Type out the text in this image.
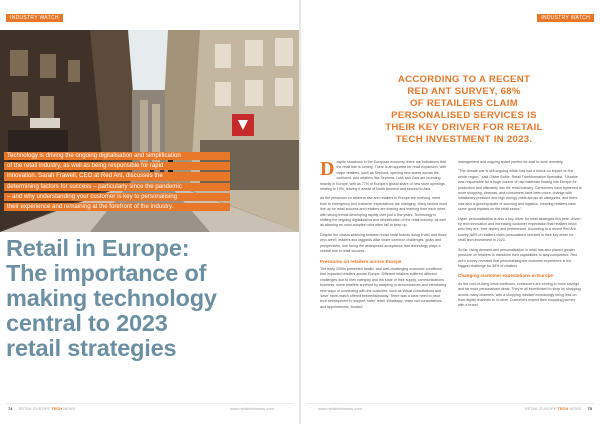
INDUSTRY WATCH
Technology is driving the ongoing digitalisation and simplification
of the retail industry, as well as being responsible for rapid
innovation. Sarah Frawell, CEO at Red Ant, discusses the
determining factors for success – particularly since the pandemic
– and why understanding your customer is key to personalising
their experience and remaining at the forefront of the industry.
Retail in Europe:
The importance of
making technology
central to 2023
retail strategies
74 RETAIL EUROPE TECH NEWS	www.retailtechnews.com
INDUSTRY WATCH
ACCORDING TO A RECENT
RED ANT SURVEY, 68%
OF RETAILERS CLAIM
PERSONALISED SERVICES IS
THEIR KEY DRIVER FOR RETAIL
TECH INVESTMENT IN 2023.

Despite slowdown in the European economy, there are indications that the retail tide is turning. There is an appetite for retail expansion, with major retailers, such as Sephora, opening new stores across the continent. And retailers like Sephora, Lush and Zara are investing heavily in Europe, with as 77% of Europe's global share of new store openings relating to 19%, leaving it ahead of North America and second to Asia.

As the pressures on retailers rise and retailers in Europe are evolving, need both to emergency and customer expectations are changing. Many factors must line up for retail success and retailers are sharing and learning from each other, with strong trends developing rapidly over just a few years. Technology is shifting the ongoing digitalisation and simplification of the retail industry, as well as allowing an omni-adoption who often fail to keep up.

Despite the chasm widening between those retail brands doing it well and those who aren't, leaders and laggards alike share common challenges, goals and perspectives, one being the widespread acceptance that technology plays a central role in retail success.

Pressures on retailers across Europe

The early 2000s presented health- and well-challenging economic conditions that impacted retailers across Europe. Different retailers suffered different challenges due to their category and the state of their supply, communications, business, some retailers survived by adapting to circumstances and introducing new ways of connecting with the customer, such as virtual consultations and 'save' store-match offered before/takeaway. There was a clear need to pivot tech development to support 'safer' retail. Whatsapp, video call consultations and appointments, booked

management and ongoing space perfect for staff to work remotely.

"The climate war is still ongoing which has had a knock-on impact on the whole region," said Olivier Bohle, Retail Transformation Specialist. "Ukraine was responsible for a huge volume of raw materials flowing into Europe for production and ultimately into the retail industry. Consumers have tightened to more shopping, cinemas, and consumers have been more, change with inflationary pressure and high energy costs across all categories, and there was also a growing spate of sourcing and logistics, meaning retailers have some good impacts on the retail sector."

Hyper-personalisation is also a key driver for retail strategies this year, driven by tech innovation and increasing customer expectation that retailers know who they are, their history and preferences. According to a recent Red Ant survey, 68% of retailers claim personalised services is their key driver for retail tech investment in 2023.

So far, rising demand and personalisation in retail has also placed greater pressure on retailers to transform their capabilities to stay competitive. Red Ant's survey revealed that personalising the customer experience is the biggest challenge for 38% of retailers.

Changing customer expectations in Europe

As the cost-of-living crisis continues, consumers are turning to more savings and far more personalised deals. They're all incentivised to shop by shopping across many channels, with a shopping mindset increasingly being less on from digital channels to in-store. Customers expect their shopping journey with a brand

www.retailtechnews.com	RETAIL EUROPE TECH NEWS 75
